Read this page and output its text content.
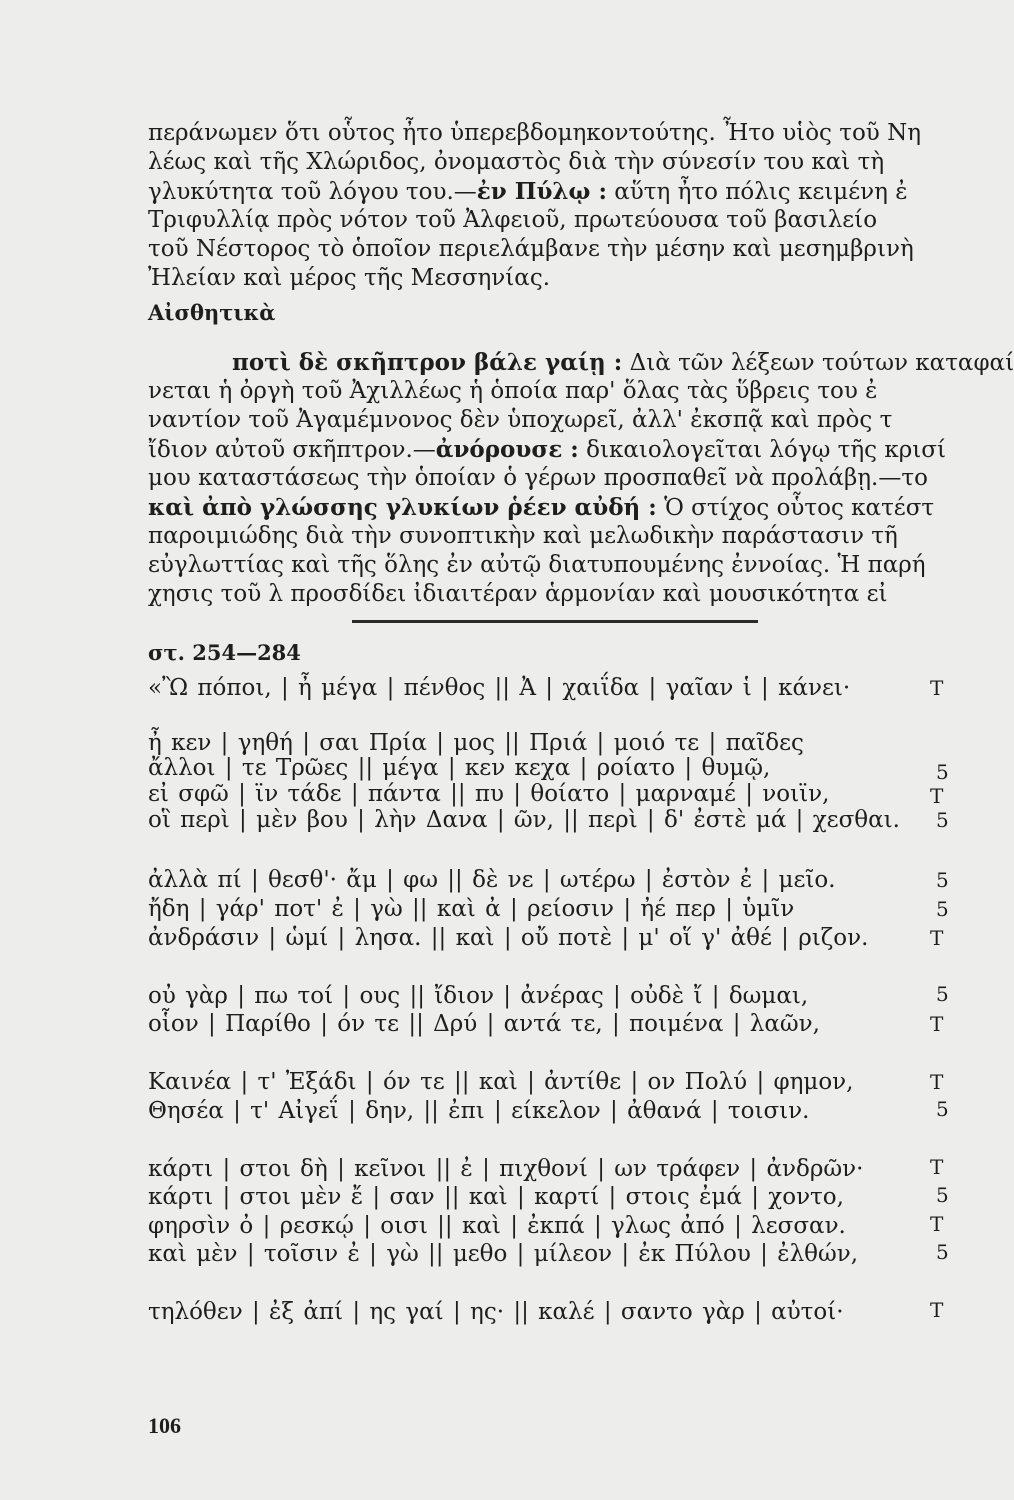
περάνωμεν ὅτι οὗτος ἦτο ὑπερεβδομηκοντούτης. Ἦτο υἱὸς τοῦ Νη
λέως καὶ τῆς Χλώριδος, ὀνομαστὸς διὰ τὴν σύνεσίν του καὶ τὴ
γλυκύτητα τοῦ λόγου του.—ἐν Πύλῳ : αὕτη ἦτο πόλις κειμένη ἐ
Τριφυλλίᾳ πρὸς νότον τοῦ Ἀλφειοῦ, πρωτεύουσα τοῦ βασιλείο
τοῦ Νέστορος τὸ ὁποῖον περιελάμβανε τὴν μέσην καὶ μεσημβρινὴ
Ἠλείαν καὶ μέρος τῆς Μεσσηνίας.
Αἰσθητικὰ
ποτὶ δὲ σκῆπτρον βάλε γαίῃ : Διὰ τῶν λέξεων τούτων καταφαί
νεται ἡ ὀργὴ τοῦ Ἀχιλλέως ἡ ὁποία παρ' ὅλας τὰς ὕβρεις του ἐ
ναντίον τοῦ Ἀγαμέμνονος δὲν ὑποχωρεῖ, ἀλλ' ἐκσπᾷ καὶ πρὸς τ
ἴδιον αὐτοῦ σκῆπτρον.—ἀνόρουσε : δικαιολογεῖται λόγῳ τῆς κρισί
μου καταστάσεως τὴν ὁποίαν ὁ γέρων προσπαθεῖ νὰ προλάβῃ.—το
καὶ ἀπὸ γλώσσης γλυκίων ῥέεν αὐδή : Ὁ στίχος οὗτος κατέστ
παροιμιώδης διὰ τὴν συνοπτικὴν καὶ μελωδικὴν παράστασιν τῆ
εὐγλωττίας καὶ τῆς ὅλης ἐν αὐτῷ διατυπουμένης ἐννοίας. Ἡ παρή
χησις τοῦ λ προσδίδει ἰδιαιτέραν ἁρμονίαν καὶ μουσικότητα εἰ
στ. 254—284
«Ὢ πόποι, | ἦ μέγα | πένθος || Ἀ | χαιΐδα | γαῖαν ἱ | κάνει·
ἦ κεν | γηθή | σαι Πρία | μος || Πριά | μοιό τε | παῖδες
ἄλλοι | τε Τρῶες || μέγα | κεν κεχα | ροίατο | θυμῷ,
εἰ σφῶ | ϊν τάδε | πάντα || πυ | θοίατο | μαρναμέ | νοιϊν,
οἳ περὶ | μὲν βου | λὴν Δανα | ῶν, || περὶ | δ' ἐστὲ μά | χεσθαι.
ἀλλὰ πί | θεσθ'· ἄμ | φω || δὲ νε | ωτέρω | ἐστὸν ἐ | μεῖο.
ἤδη | γάρ' ποτ' ἐ | γὼ || καὶ ἀ | ρείοσιν | ἠέ περ | ὑμῖν
ἀνδράσιν | ὡμί | λησα. || καὶ | οὔ ποτὲ | μ' οἵ γ' ἀθέ | ριζον.
οὐ γὰρ | πω τοί | ους || ἴδιον | ἀνέρας | οὐδὲ ἴ | δωμαι,
οἷον | Παρίθο | όν τε || Δρύ | αντά τε, | ποιμένα | λαῶν,
Καινέα | τ' Ἐξάδι | όν τε || καὶ | ἀντίθε | ον Πολύ | φημον,
Θησέα | τ' Αἰγεΐ | δην, || ἐπι | είκελον | ἀθανά | τοισιν.
κάρτι | στοι δὴ | κεῖνοι || ἐ | πιχθονί | ων τράφεν | ἀνδρῶν·
κάρτι | στοι μὲν ἔ | σαν || καὶ | καρτί | στοις ἐμά | χοντο,
φηρσὶν ὀ | ρεσκῴ | οισι || καὶ | ἐκπά | γλως ἀπό | λεσσαν.
καὶ μὲν | τοῖσιν ἐ | γὼ || μεθο | μίλεον | ἐκ Πύλου | ἐλθών,
τηλόθεν | ἐξ ἀπί | ης γαί | ης· || καλέ | σαντο γὰρ | αὐτοί·
Τ
5
Τ
5
5
5
Τ
5
Τ
Τ
5
Τ
5
Τ
5
Τ
106
